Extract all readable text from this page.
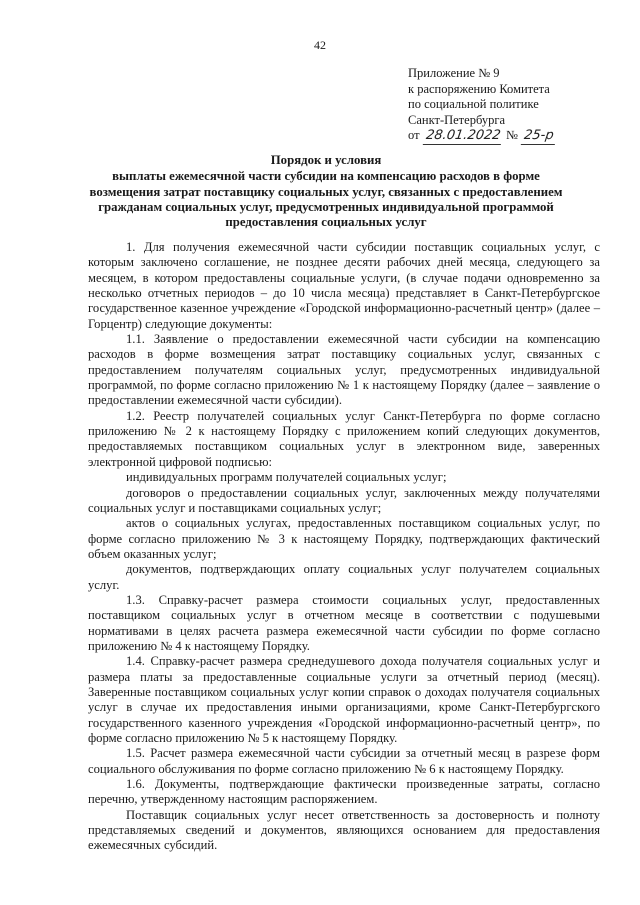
42
Приложение № 9
к распоряжению Комитета
по социальной политике
Санкт-Петербурга
от 28.01.2022 № 25-р
Порядок и условия
выплаты ежемесячной части субсидии на компенсацию расходов в форме возмещения затрат поставщику социальных услуг, связанных с предоставлением гражданам социальных услуг, предусмотренных индивидуальной программой предоставления социальных услуг

1. Для получения ежемесячной части субсидии поставщик социальных услуг, с которым заключено соглашение, не позднее десяти рабочих дней месяца, следующего за месяцем, в котором предоставлены социальные услуги, (в случае подачи одновременно за несколько отчетных периодов – до 10 числа месяца) представляет в Санкт-Петербургское государственное казенное учреждение «Городской информационно-расчетный центр» (далее – Горцентр) следующие документы:

1.1. Заявление о предоставлении ежемесячной части субсидии на компенсацию расходов в форме возмещения затрат поставщику социальных услуг, связанных с предоставлением получателям социальных услуг, предусмотренных индивидуальной программой, по форме согласно приложению № 1 к настоящему Порядку (далее – заявление о предоставлении ежемесячной части субсидии).

1.2. Реестр получателей социальных услуг Санкт-Петербурга по форме согласно приложению № 2 к настоящему Порядку с приложением копий следующих документов, предоставляемых поставщиком социальных услуг в электронном виде, заверенных электронной цифровой подписью:

индивидуальных программ получателей социальных услуг;

договоров о предоставлении социальных услуг, заключенных между получателями социальных услуг и поставщиками социальных услуг;

актов о социальных услугах, предоставленных поставщиком социальных услуг, по форме согласно приложению № 3 к настоящему Порядку, подтверждающих фактический объем оказанных услуг;

документов, подтверждающих оплату социальных услуг получателем социальных услуг.

1.3. Справку-расчет размера стоимости социальных услуг, предоставленных поставщиком социальных услуг в отчетном месяце в соответствии с подушевыми нормативами в целях расчета размера ежемесячной части субсидии по форме согласно приложению № 4 к настоящему Порядку.

1.4. Справку-расчет размера среднедушевого дохода получателя социальных услуг и размера платы за предоставленные социальные услуги за отчетный период (месяц). Заверенные поставщиком социальных услуг копии справок о доходах получателя социальных услуг в случае их предоставления иными организациями, кроме Санкт-Петербургского государственного казенного учреждения «Городской информационно-расчетный центр», по форме согласно приложению № 5 к настоящему Порядку.

1.5. Расчет размера ежемесячной части субсидии за отчетный месяц в разрезе форм социального обслуживания по форме согласно приложению № 6 к настоящему Порядку.

1.6. Документы, подтверждающие фактически произведенные затраты, согласно перечню, утвержденному настоящим распоряжением.

Поставщик социальных услуг несет ответственность за достоверность и полноту представляемых сведений и документов, являющихся основанием для предоставления ежемесячных субсидий.
